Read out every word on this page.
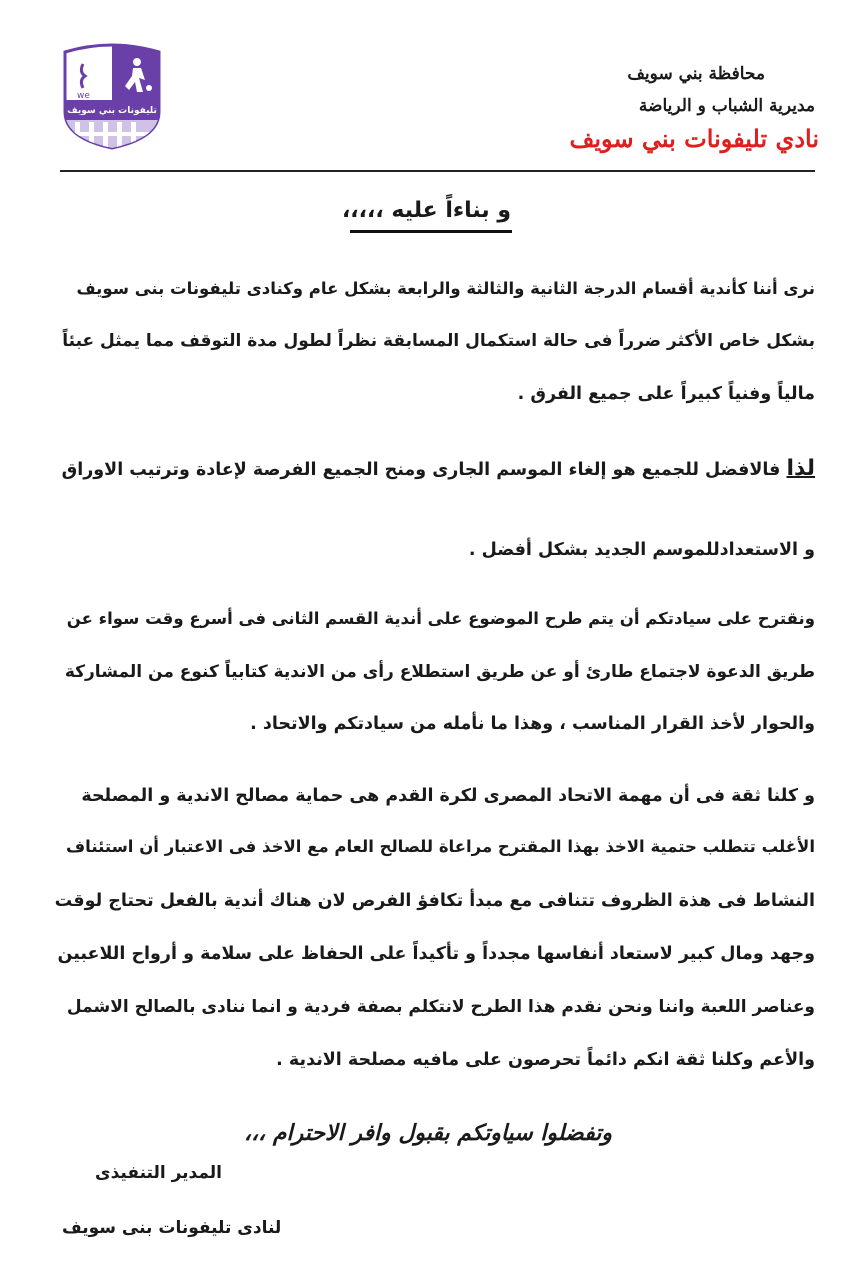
we
تليفونات بني سويف
محافظة بني سويف
مديرية الشباب و الرياضة
نادي تليفونات بني سويف
و بناءاً عليه ،،،،،
نرى أننا كأندية أقسام الدرجة الثانية والثالثة والرابعة بشكل عام وكنادى تليفونات بنى سويف
بشكل خاص الأكثر ضرراً فى حالة استكمال المسابقة نظراً لطول مدة التوقف مما يمثل عبئاً
مالياً وفنياً كبيراً على جميع الفرق .
لذا فالافضل للجميع هو إلغاء الموسم الجارى ومنح الجميع الفرصة لإعادة وترتيب الاوراق
و الاستعدادللموسم الجديد بشكل أفضل .
ونقترح على سيادتكم أن يتم طرح الموضوع على أندية القسم الثانى فى أسرع وقت سواء عن
طريق الدعوة لاجتماع طارئ أو عن طريق استطلاع رأى من الاندية كتابياً كنوع من المشاركة
والحوار لأخذ القرار المناسب ، وهذا ما نأمله من سيادتكم والاتحاد .
و كلنا ثقة فى أن مهمة الاتحاد المصرى لكرة القدم هى حماية مصالح الاندية و المصلحة
الأغلب تتطلب حتمية الاخذ بهذا المقترح مراعاة للصالح العام مع الاخذ فى الاعتبار أن استئناف
النشاط فى هذة الظروف تتنافى مع مبدأ تكافؤ الفرص لان هناك أندية بالفعل تحتاج لوقت
وجهد ومال كبير لاستعاد أنفاسها مجدداً و تأكيداً على الحفاظ على سلامة و أرواح اللاعبين
وعناصر اللعبة واننا ونحن نقدم هذا الطرح لانتكلم بصفة فردية و انما ننادى بالصالح الاشمل
والأعم وكلنا ثقة انكم دائماً تحرصون على مافيه مصلحة الاندية .
وتفضلوا سياوتكم بقبول وافر الاحترام ،،،
المدير التنفيذى
لنادى تليفونات بنى سويف
